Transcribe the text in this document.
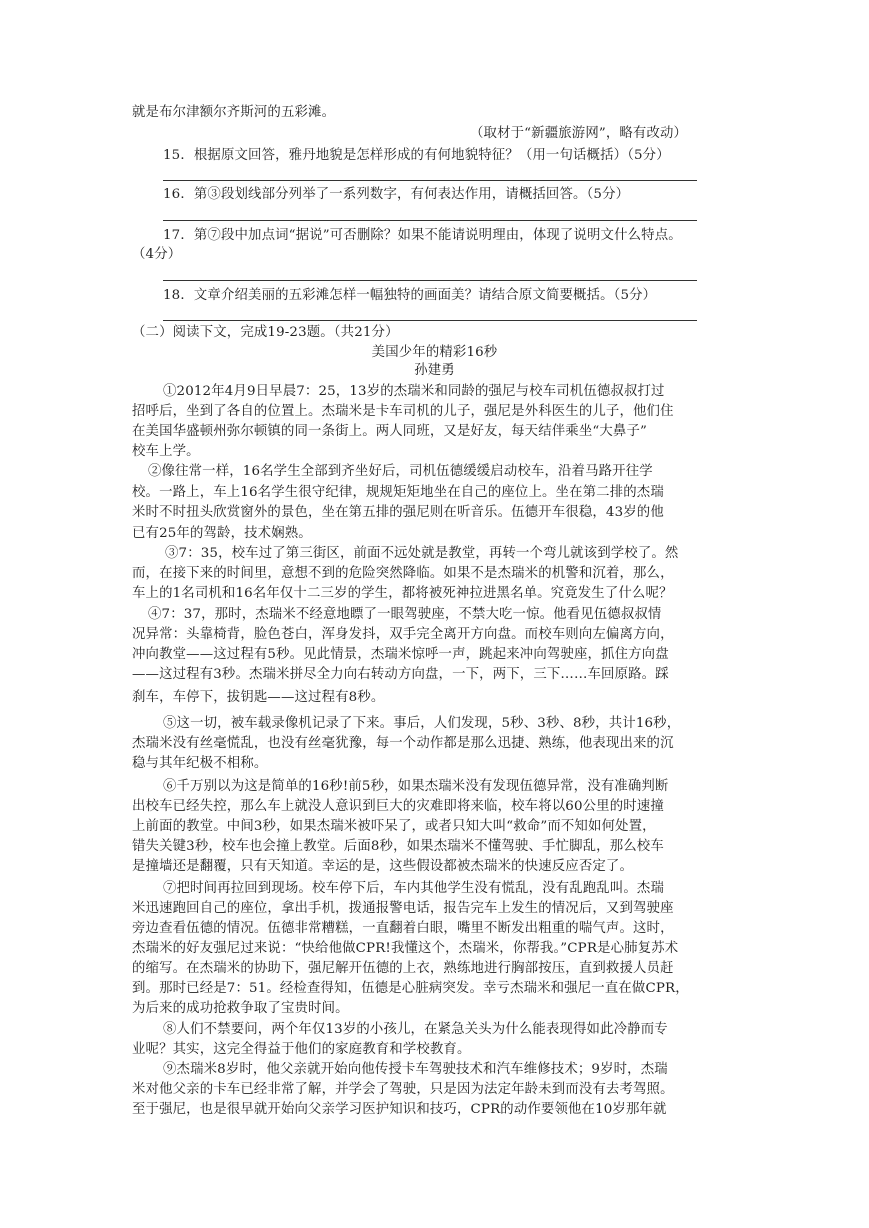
就是布尔津额尔齐斯河的五彩滩。
（取材于“新疆旅游网”，略有改动）
15．根据原文回答，雅丹地貌是怎样形成的有何地貌特征？（用一句话概括）（5分）
16．第③段划线部分列举了一系列数字，有何表达作用，请概括回答。（5分）
17．第⑦段中加点词“据说”可否删除？如果不能请说明理由，体现了说明文什么特点。
（4分）
18．文章介绍美丽的五彩滩怎样一幅独特的画面美？请结合原文简要概括。（5分）
（二）阅读下文，完成19-23题。（共21分）
美国少年的精彩16秒
孙建勇
①2012年4月9日早晨7：25，13岁的杰瑞米和同龄的强尼与校车司机伍德叔叔打过
招呼后，坐到了各自的位置上。杰瑞米是卡车司机的儿子，强尼是外科医生的儿子，他们住
在美国华盛顿州弥尔顿镇的同一条街上。两人同班，又是好友，每天结伴乘坐“大鼻子”
校车上学。
②像往常一样，16名学生全部到齐坐好后，司机伍德缓缓启动校车，沿着马路开往学
校。一路上，车上16名学生很守纪律，规规矩矩地坐在自己的座位上。坐在第二排的杰瑞
米时不时扭头欣赏窗外的景色，坐在第五排的强尼则在听音乐。伍德开车很稳，43岁的他
已有25年的驾龄，技术娴熟。
③7：35，校车过了第三街区，前面不远处就是教堂，再转一个弯儿就该到学校了。然
而，在接下来的时间里，意想不到的危险突然降临。如果不是杰瑞米的机警和沉着，那么，
车上的1名司机和16名年仅十二三岁的学生，都将被死神拉进黑名单。究竟发生了什么呢？
④7：37，那时，杰瑞米不经意地瞟了一眼驾驶座，不禁大吃一惊。他看见伍德叔叔情
况异常：头靠椅背，脸色苍白，浑身发抖，双手完全离开方向盘。而校车则向左偏离方向，
冲向教堂——这过程有5秒。见此情景，杰瑞米惊呼一声，跳起来冲向驾驶座，抓住方向盘
——这过程有3秒。杰瑞米拼尽全力向右转动方向盘，一下，两下，三下……车回原路。踩
刹车，车停下，拔钥匙——这过程有8秒。
⑤这一切，被车载录像机记录了下来。事后，人们发现，5秒、3秒、8秒，共计16秒，
杰瑞米没有丝毫慌乱，也没有丝毫犹豫，每一个动作都是那么迅捷、熟练，他表现出来的沉
稳与其年纪极不相称。
⑥千万别以为这是简单的16秒!前5秒，如果杰瑞米没有发现伍德异常，没有准确判断
出校车已经失控，那么车上就没人意识到巨大的灾难即将来临，校车将以60公里的时速撞
上前面的教堂。中间3秒，如果杰瑞米被吓呆了，或者只知大叫“救命”而不知如何处置，
错失关键3秒，校车也会撞上教堂。后面8秒，如果杰瑞米不懂驾驶、手忙脚乱，那么校车
是撞墙还是翻覆，只有天知道。幸运的是，这些假设都被杰瑞米的快速反应否定了。
⑦把时间再拉回到现场。校车停下后，车内其他学生没有慌乱，没有乱跑乱叫。杰瑞
米迅速跑回自己的座位，拿出手机，拨通报警电话，报告完车上发生的情况后，又到驾驶座
旁边查看伍德的情况。伍德非常糟糕，一直翻着白眼，嘴里不断发出粗重的喘气声。这时，
杰瑞米的好友强尼过来说：“快给他做CPR!我懂这个，杰瑞米，你帮我。”CPR是心肺复苏术
的缩写。在杰瑞米的协助下，强尼解开伍德的上衣，熟练地进行胸部按压，直到救援人员赶
到。那时已经是7：51。经检查得知，伍德是心脏病突发。幸亏杰瑞米和强尼一直在做CPR，
为后来的成功抢救争取了宝贵时间。
⑧人们不禁要问，两个年仅13岁的小孩儿，在紧急关头为什么能表现得如此冷静而专
业呢？其实，这完全得益于他们的家庭教育和学校教育。
⑨杰瑞米8岁时，他父亲就开始向他传授卡车驾驶技术和汽车维修技术；9岁时，杰瑞
米对他父亲的卡车已经非常了解，并学会了驾驶，只是因为法定年龄未到而没有去考驾照。
至于强尼，也是很早就开始向父亲学习医护知识和技巧，CPR的动作要领他在10岁那年就
